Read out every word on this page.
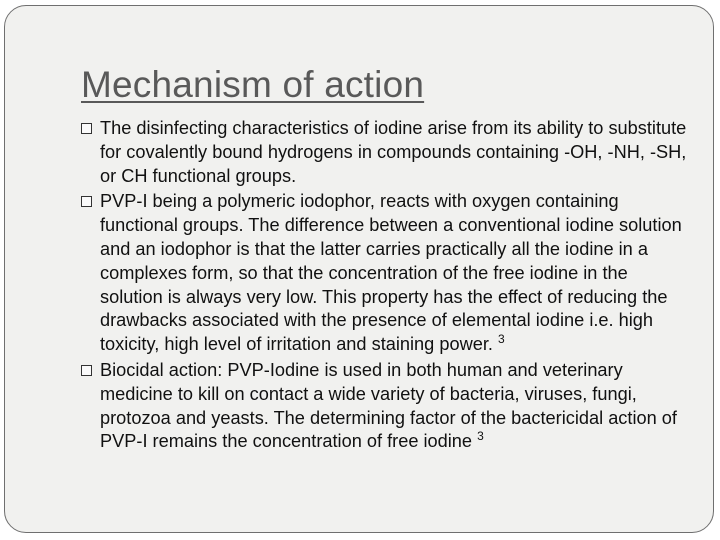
Mechanism of action
The disinfecting characteristics of iodine arise from its ability to substitute for covalently bound hydrogens in compounds containing -OH, -NH, -SH, or CH functional groups.
PVP-I being a polymeric iodophor, reacts with oxygen containing functional groups. The difference between a conventional iodine solution and an iodophor is that the latter carries practically all the iodine in a complexes form, so that the concentration of the free iodine in the solution is always very low. This property has the effect of reducing the drawbacks associated with the presence of elemental iodine i.e. high toxicity, high level of irritation and staining power. $^3$
Biocidal action: PVP-Iodine is used in both human and veterinary medicine to kill on contact a wide variety of bacteria, viruses, fungi, protozoa and yeasts. The determining factor of the bactericidal action of PVP-I remains the concentration of free iodine $^3$
